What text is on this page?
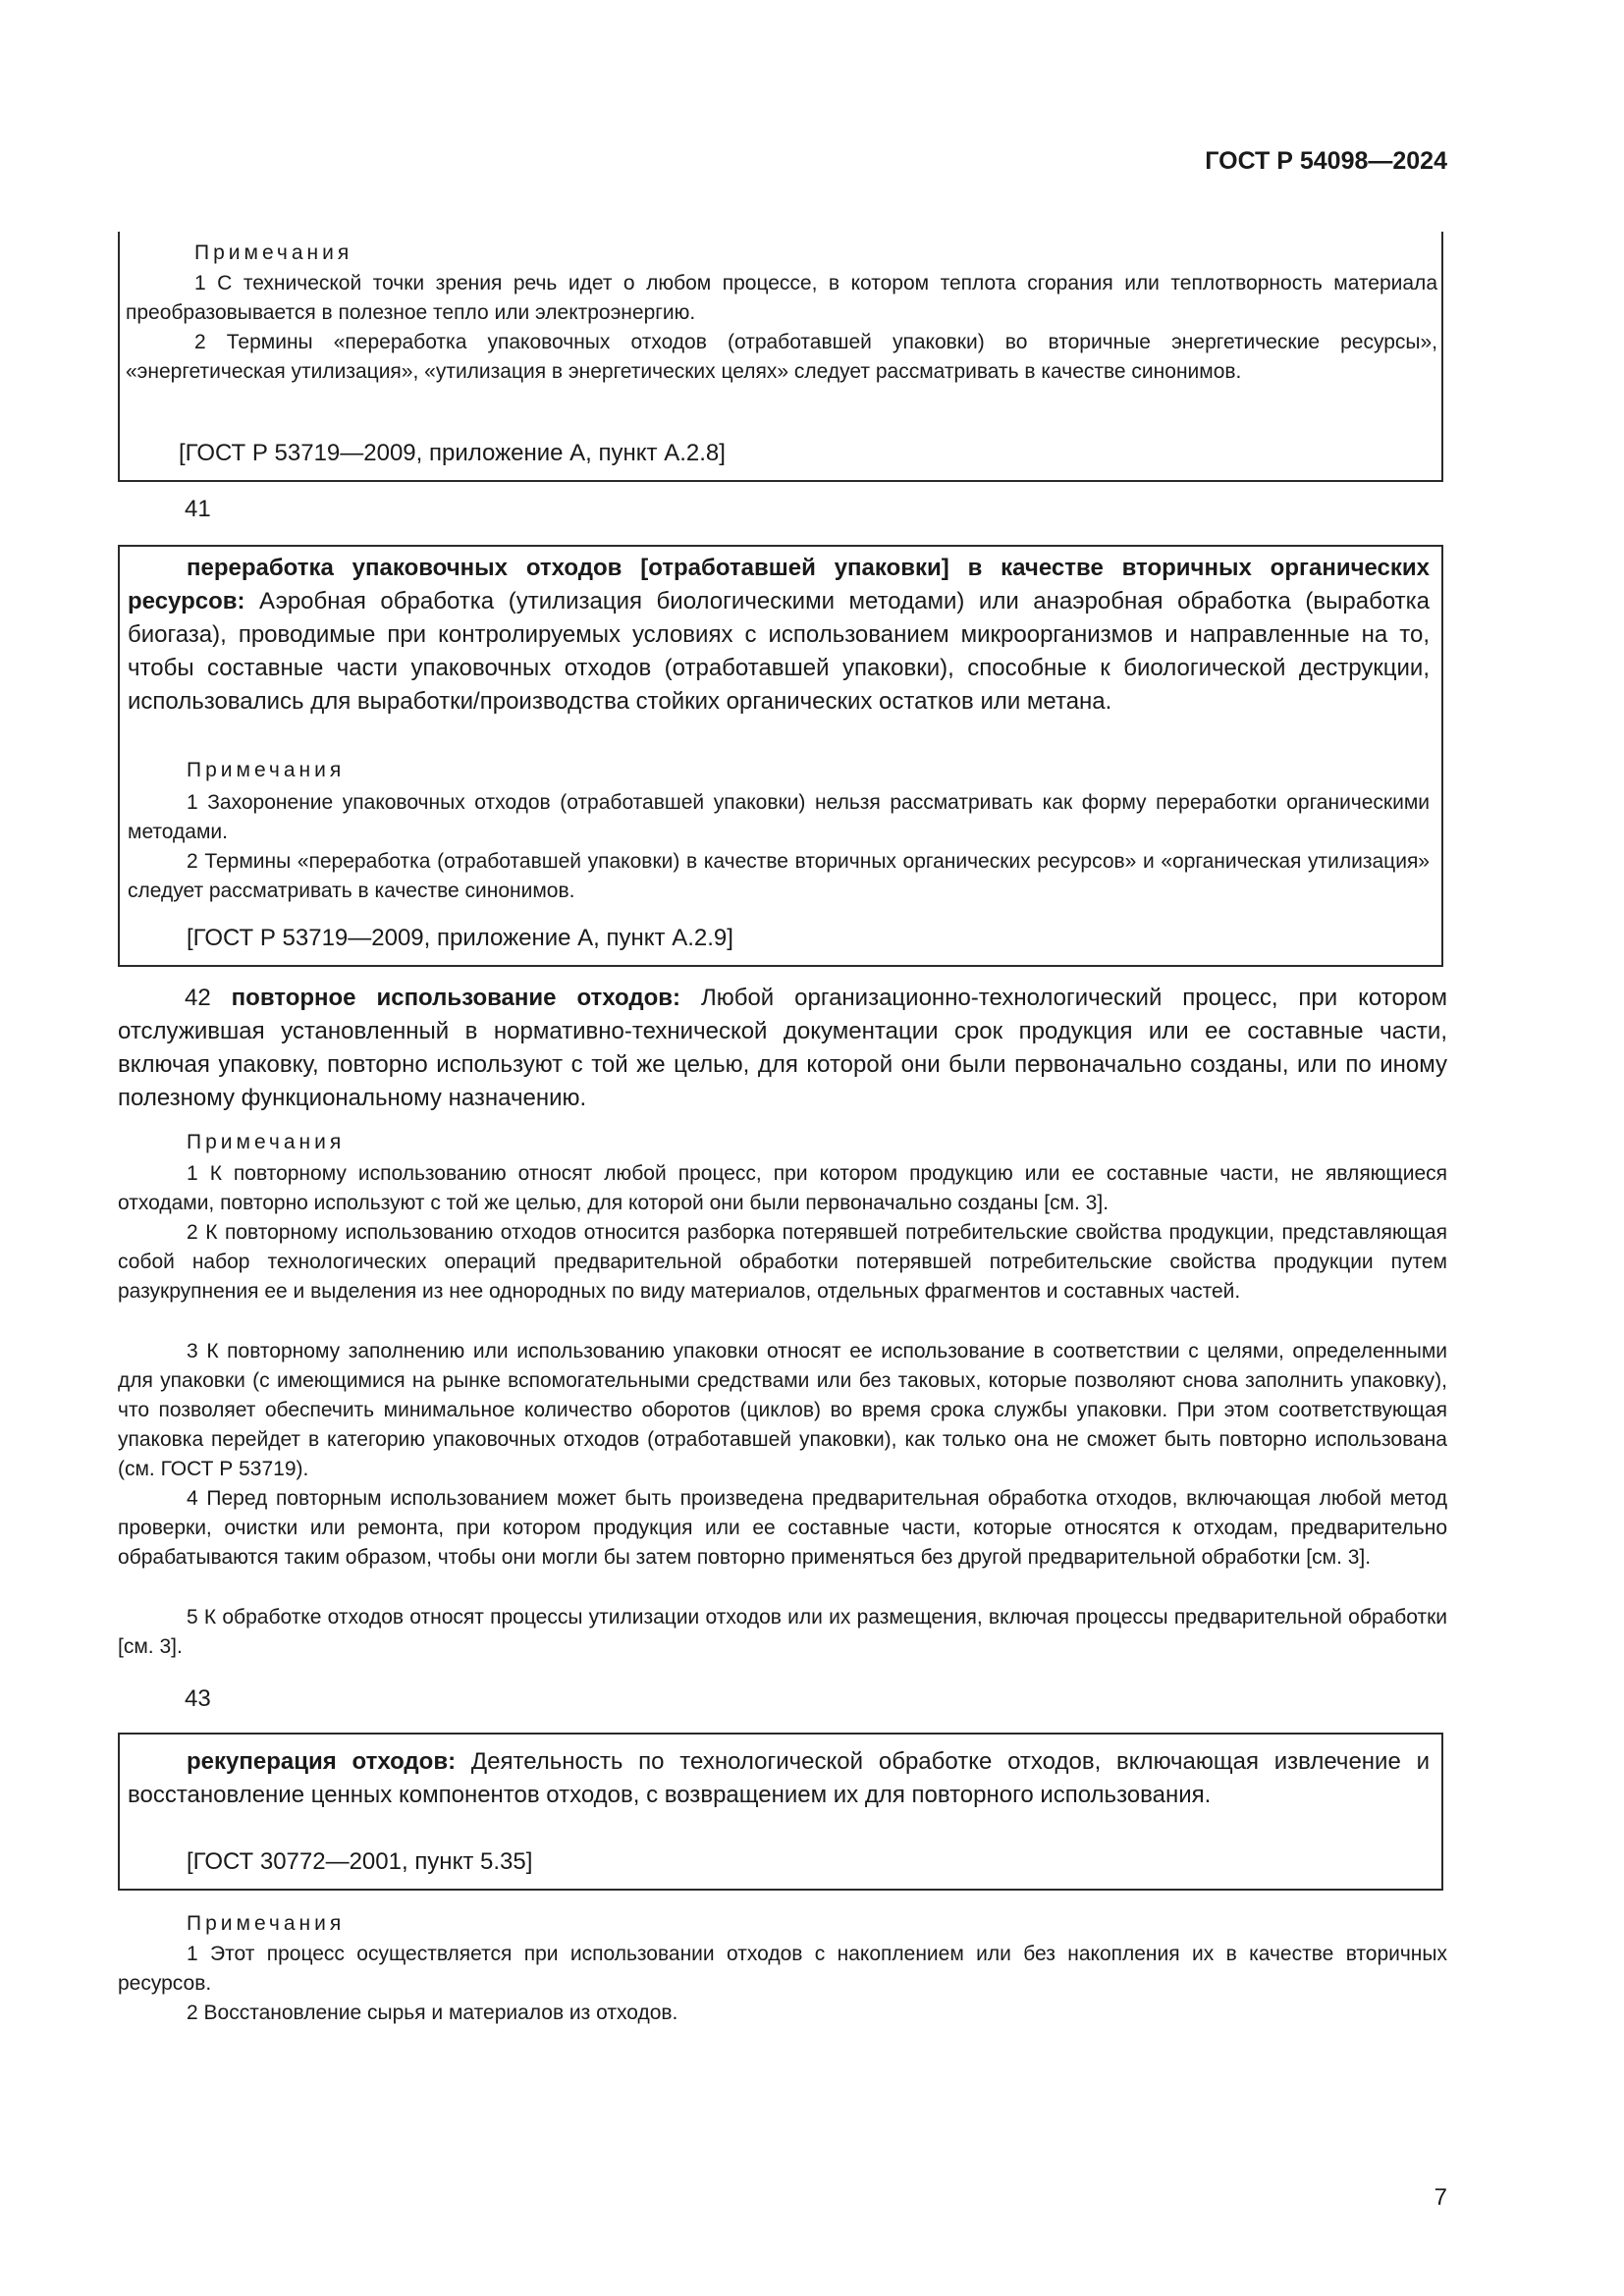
ГОСТ Р 54098—2024
Примечания
1 С технической точки зрения речь идет о любом процессе, в котором теплота сгорания или теплотворность материала преобразовывается в полезное тепло или электроэнергию.
2 Термины «переработка упаковочных отходов (отработавшей упаковки) во вторичные энергетические ресурсы», «энергетическая утилизация», «утилизация в энергетических целях» следует рассматривать в качестве синонимов.
[ГОСТ Р 53719—2009, приложение А, пункт А.2.8]
41
переработка упаковочных отходов [отработавшей упаковки] в качестве вторичных органических ресурсов: Аэробная обработка (утилизация биологическими методами) или анаэробная обработка (выработка биогаза), проводимые при контролируемых условиях с использованием микроорганизмов и направленные на то, чтобы составные части упаковочных отходов (отработавшей упаковки), способные к биологической деструкции, использовались для выработки/производства стойких органических остатков или метана.
Примечания
1 Захоронение упаковочных отходов (отработавшей упаковки) нельзя рассматривать как форму переработки органическими методами.
2 Термины «переработка (отработавшей упаковки) в качестве вторичных органических ресурсов» и «органическая утилизация» следует рассматривать в качестве синонимов.
[ГОСТ Р 53719—2009, приложение А, пункт А.2.9]
42 повторное использование отходов: Любой организационно-технологический процесс, при котором отслужившая установленный в нормативно-технической документации срок продукция или ее составные части, включая упаковку, повторно используют с той же целью, для которой они были первоначально созданы, или по иному полезному функциональному назначению.
Примечания
1 К повторному использованию относят любой процесс, при котором продукцию или ее составные части, не являющиеся отходами, повторно используют с той же целью, для которой они были первоначально созданы [см. 3].
2 К повторному использованию отходов относится разборка потерявшей потребительские свойства продукции, представляющая собой набор технологических операций предварительной обработки потерявшей потребительские свойства продукции путем разукрупнения ее и выделения из нее однородных по виду материалов, отдельных фрагментов и составных частей.
3 К повторному заполнению или использованию упаковки относят ее использование в соответствии с целями, определенными для упаковки (с имеющимися на рынке вспомогательными средствами или без таковых, которые позволяют снова заполнить упаковку), что позволяет обеспечить минимальное количество оборотов (циклов) во время срока службы упаковки. При этом соответствующая упаковка перейдет в категорию упаковочных отходов (отработавшей упаковки), как только она не сможет быть повторно использована (см. ГОСТ Р 53719).
4 Перед повторным использованием может быть произведена предварительная обработка отходов, включающая любой метод проверки, очистки или ремонта, при котором продукция или ее составные части, которые относятся к отходам, предварительно обрабатываются таким образом, чтобы они могли бы затем повторно применяться без другой предварительной обработки [см. 3].
5 К обработке отходов относят процессы утилизации отходов или их размещения, включая процессы предварительной обработки [см. 3].
43
рекуперация отходов: Деятельность по технологической обработке отходов, включающая извлечение и восстановление ценных компонентов отходов, с возвращением их для повторного использования.
[ГОСТ 30772—2001, пункт 5.35]
Примечания
1 Этот процесс осуществляется при использовании отходов с накоплением или без накопления их в качестве вторичных ресурсов.
2 Восстановление сырья и материалов из отходов.
7
